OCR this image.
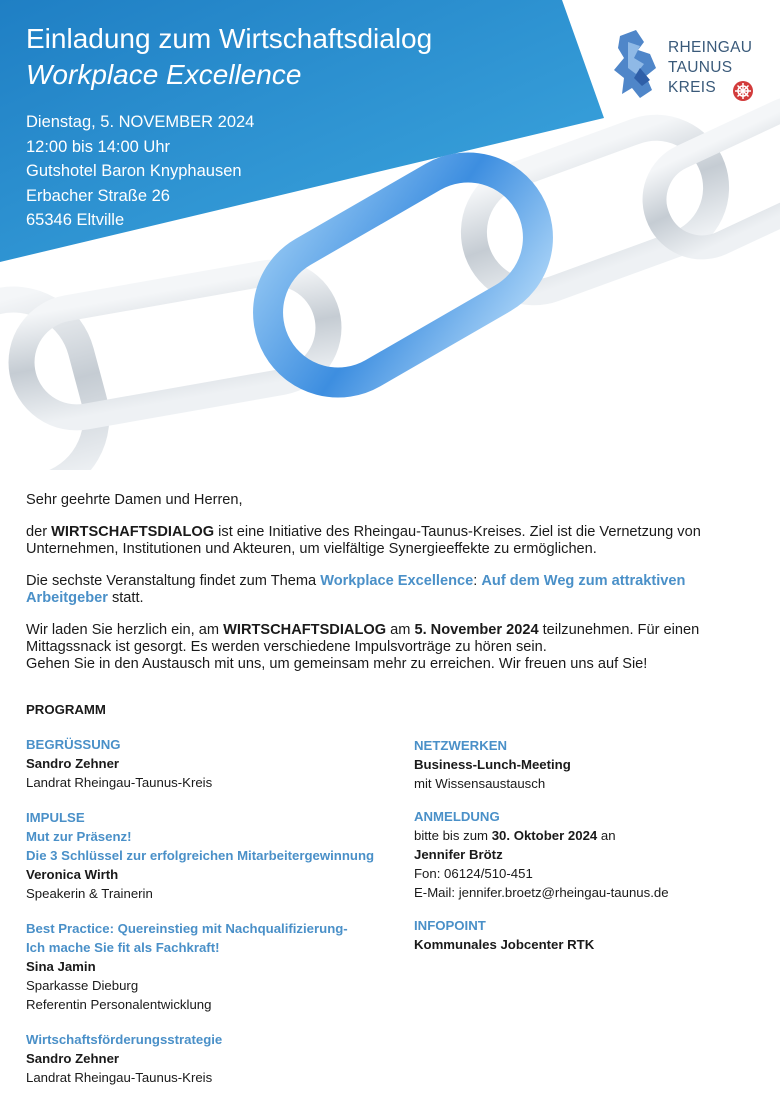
Einladung zum Wirtschaftsdialog
Workplace Excellence
Dienstag, 5. NOVEMBER 2024
12:00 bis 14:00 Uhr
Gutshotel Baron Knyphausen
Erbacher Straße 26
65346 Eltville
RHEINGAU
TAUNUS
KREIS

Sehr geehrte Damen und Herren,

der WIRTSCHAFTSDIALOG ist eine Initiative des Rheingau-Taunus-Kreises. Ziel ist die Vernetzung von Unternehmen, Institutionen und Akteuren, um vielfältige Synergieeffekte zu ermöglichen.

Die sechste Veranstaltung findet zum Thema Workplace Excellence: Auf dem Weg zum attraktiven Arbeitgeber statt.

Wir laden Sie herzlich ein, am WIRTSCHAFTSDIALOG am 5. November 2024 teilzunehmen. Für einen Mittagssnack ist gesorgt. Es werden verschiedene Impulsvorträge zu hören sein.
Gehen Sie in den Austausch mit uns, um gemeinsam mehr zu erreichen. Wir freuen uns auf Sie!

PROGRAMM
BEGRÜSSUNG
Sandro Zehner
Landrat Rheingau-Taunus-Kreis
IMPULSE
Mut zur Präsenz!
Die 3 Schlüssel zur erfolgreichen Mitarbeitergewinnung
Veronica Wirth
Speakerin & Trainerin
Best Practice: Quereinstieg mit Nachqualifizierung-
Ich mache Sie fit als Fachkraft!
Sina Jamin
Sparkasse Dieburg
Referentin Personalentwicklung
Wirtschaftsförderungsstrategie
Sandro Zehner
Landrat Rheingau-Taunus-Kreis
NETZWERKEN
Business-Lunch-Meeting
mit Wissensaustausch
ANMELDUNG
bitte bis zum 30. Oktober 2024 an
Jennifer Brötz
Fon: 06124/510-451
E-Mail: jennifer.broetz@rheingau-taunus.de
INFOPOINT
Kommunales Jobcenter RTK
